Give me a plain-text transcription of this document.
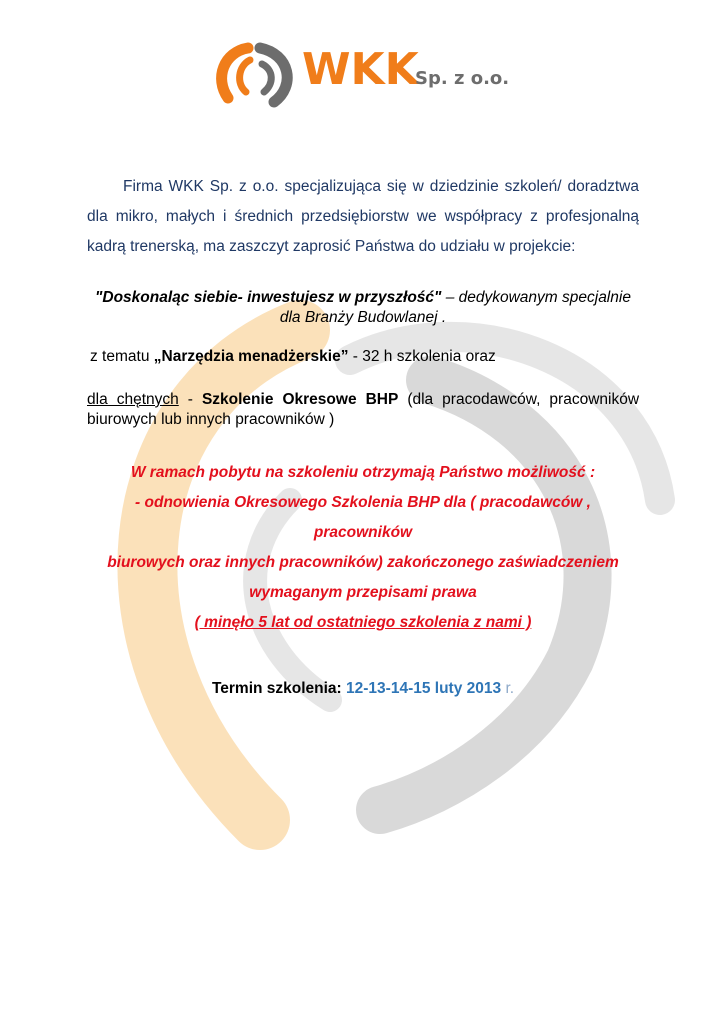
WKK
Sp. z o.o.
Firma WKK Sp. z o.o. specjalizująca się w dziedzinie szkoleń/ doradztwa dla mikro, małych i średnich przedsiębiorstw we współpracy z profesjonalną kadrą trenerską, ma zaszczyt zaprosić Państwa do udziału w projekcie:
"Doskonaląc siebie- inwestujesz w przyszłość" – dedykowanym specjalnie dla Branży Budowlanej .
z tematu „Narzędzia menadżerskie” - 32 h szkolenia oraz
dla chętnych - Szkolenie Okresowe BHP (dla pracodawców, pracowników biurowych lub innych pracowników )
W ramach pobytu na szkoleniu otrzymają Państwo możliwość :
- odnowienia Okresowego Szkolenia BHP dla ( pracodawców , pracowników
biurowych oraz innych pracowników) zakończonego zaświadczeniem
wymaganym przepisami prawa
( minęło 5 lat od ostatniego szkolenia z nami )
Termin szkolenia: 12-13-14-15 luty 2013 r.
